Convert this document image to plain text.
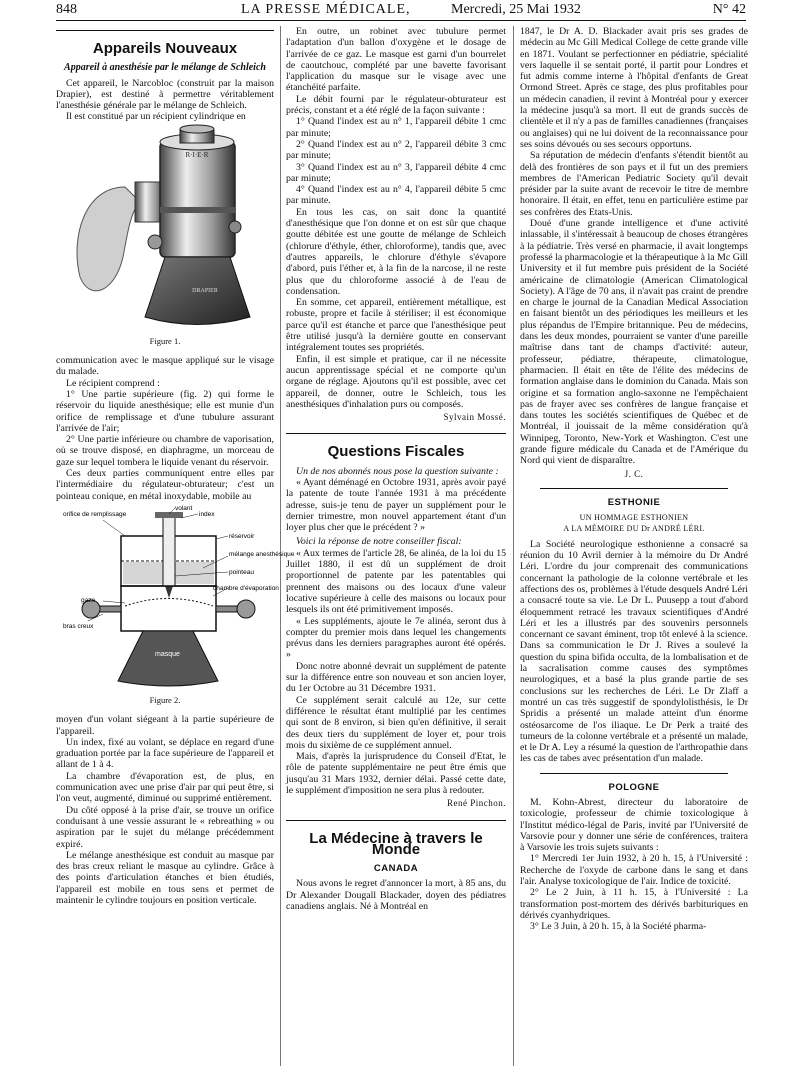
848	LA PRESSE MÉDICALE,	Mercredi, 25 Mai 1932	N° 42
Appareils Nouveaux
Appareil à anesthésie par le mélange de Schleich

Cet appareil, le Narcobloc (construit par la maison Drapier), est destiné à permettre véritablement l'anesthésie générale par le mélange de Schleich.

Il est constitué par un récipient cylindrique en

R·I·E·R
DRAPIER
Figure 1.

communication avec le masque appliqué sur le visage du malade.

Le récipient comprend :

1° Une partie supérieure (fig. 2) qui forme le réservoir du liquide anesthésique; elle est munie d'un orifice de remplissage et d'une tubulure assurant l'arrivée de l'air;

2° Une partie inférieure ou chambre de vaporisation, où se trouve disposé, en diaphragme, un morceau de gaze sur lequel tombera le liquide venant du réservoir.

Ces deux parties communiquent entre elles par l'intermédiaire du régulateur-obturateur; c'est un pointeau conique, en métal inoxydable, mobile au

orifice de remplissage
volant
index
réservoir
mélange anesthésique
pointeau
gaze
chambre d'évaporation
bras creux
masque
Figure 2.

moyen d'un volant siégeant à la partie supérieure de l'appareil.

Un index, fixé au volant, se déplace en regard d'une graduation portée par la face supérieure de l'appareil et allant de 1 à 4.

La chambre d'évaporation est, de plus, en communication avec une prise d'air par qui peut être, si l'on veut, augmenté, diminué ou supprimé entièrement.

Du côté opposé à la prise d'air, se trouve un orifice conduisant à une vessie assurant le « rebreathing » ou aspiration par le sujet du mélange précédemment expiré.

Le mélange anesthésique est conduit au masque par des bras creux reliant le masque au cylindre. Grâce à des points d'articulation étanches et bien étudiés, l'appareil est mobile en tous sens et permet de maintenir le cylindre toujours en position verticale.

En outre, un robinet avec tubulure permet l'adaptation d'un ballon d'oxygène et le dosage de l'arrivée de ce gaz. Le masque est garni d'un bourrelet de caoutchouc, complété par une bavette favorisant l'application du masque sur le visage avec une étanchéité parfaite.

Le débit fourni par le régulateur-obturateur est précis, constant et a été réglé de la façon suivante :

1° Quand l'index est au n° 1, l'appareil débite 1 cmc par minute;

2° Quand l'index est au n° 2, l'appareil débite 3 cmc par minute;

3° Quand l'index est au n° 3, l'appareil débite 4 cmc par minute;

4° Quand l'index est au n° 4, l'appareil débite 5 cmc par minute.

En tous les cas, on sait donc la quantité d'anesthésique que l'on donne et on est sûr que chaque goutte débitée est une goutte de mélange de Schleich (chlorure d'éthyle, éther, chloroforme), tandis que, avec d'autres appareils, le chlorure d'éthyle s'évapore d'abord, puis l'éther et, à la fin de la narcose, il ne reste plus que du chloroforme associé à de l'eau de condensation.

En somme, cet appareil, entièrement métallique, est robuste, propre et facile à stériliser; il est économique parce qu'il est étanche et parce que l'anesthésique peut être utilisé jusqu'à la dernière goutte en conservant intégralement toutes ses propriétés.

Enfin, il est simple et pratique, car il ne nécessite aucun apprentissage spécial et ne comporte qu'un organe de réglage. Ajoutons qu'il est possible, avec cet appareil, de donner, outre le Schleich, tous les anesthésiques d'inhalation purs ou composés.

Sylvain Mossé.
Questions Fiscales

Un de nos abonnés nous pose la question suivante :

« Ayant déménagé en Octobre 1931, après avoir payé la patente de toute l'année 1931 à ma précédente adresse, suis-je tenu de payer un supplément pour le dernier trimestre, mon nouvel appartement étant d'un loyer plus cher que le précédent ? »

Voici la réponse de notre conseiller fiscal:

« Aux termes de l'article 28, 6e alinéa, de la loi du 15 Juillet 1880, il est dû un supplément de droit proportionnel de patente par les patentables qui prennent des maisons ou des locaux d'une valeur locative supérieure à celle des maisons ou locaux pour lesquels ils ont été primitivement imposés.

« Les suppléments, ajoute le 7e alinéa, seront dus à compter du premier mois dans lequel les changements prévus dans les derniers paragraphes auront été opérés. »

Donc notre abonné devrait un supplément de patente sur la différence entre son nouveau et son ancien loyer, du 1er Octobre au 31 Décembre 1931.

Ce supplément serait calculé au 12e, sur cette différence le résultat étant multiplié par les centimes qui sont de 8 environ, si bien qu'en définitive, il serait des deux tiers du supplément de loyer et, pour trois mois du sixième de ce supplément annuel.

Mais, d'après la jurisprudence du Conseil d'Etat, le rôle de patente supplémentaire ne peut être émis que jusqu'au 31 Mars 1932, dernier délai. Passé cette date, le supplément d'imposition ne sera plus à redouter.

René Pinchon.
La Médecine à travers le Monde
CANADA

Nous avons le regret d'annoncer la mort, à 85 ans, du Dr Alexander Dougall Blackader, doyen des pédiatres canadiens anglais. Né à Montréal en

1847, le Dr A. D. Blackader avait pris ses grades de médecin au Mc Gill Medical College de cette grande ville en 1871. Voulant se perfectionner en pédiatrie, spécialité vers laquelle il se sentait porté, il partit pour Londres et fut admis comme interne à l'hôpital d'enfants de Great Ormond Street. Après ce stage, des plus profitables pour un médecin canadien, il revint à Montréal pour y exercer la médecine jusqu'à sa mort. Il eut de grands succès de clientèle et il n'y a pas de familles canadiennes (françaises ou anglaises) qui ne lui doivent de la reconnaissance pour ses soins dévoués ou ses secours opportuns.

Sa réputation de médecin d'enfants s'étendit bientôt au delà des frontières de son pays et il fut un des premiers membres de l'American Pediatric Society qu'il devait présider par la suite avant de recevoir le titre de membre honoraire. Il était, en effet, tenu en particulière estime par ses confrères des Etats-Unis.

Doué d'une grande intelligence et d'une activité inlassable, il s'intéressait à beaucoup de choses étrangères à la pédiatrie. Très versé en pharmacie, il avait longtemps professé la pharmacologie et la thérapeutique à la Mc Gill University et il fut membre puis président de la Société américaine de climatologie (American Climatological Society). A l'âge de 70 ans, il n'avait pas craint de prendre en charge le journal de la Canadian Medical Association en faisant bientôt un des périodiques les meilleurs et les plus répandus de l'Empire britannique. Peu de médecins, dans les deux mondes, pourraient se vanter d'une pareille maîtrise dans tant de champs d'activité: auteur, professeur, pédiatre, thérapeute, climatologue, pharmacien. Il était en tête de l'élite des médecins de formation anglaise dans le dominion du Canada. Mais son origine et sa formation anglo-saxonne ne l'empêchaient pas de frayer avec ses confrères de langue française et dans toutes les sociétés scientifiques de Québec et de Montréal, il jouissait de la même considération qu'à Winnipeg, Toronto, New-York et Washington. C'est une grande figure médicale du Canada et de l'Amérique du Nord qui vient de disparaître.

J. C.
ESTHONIE
UN HOMMAGE ESTHONIEN
A LA MÉMOIRE DU Dr ANDRÉ LÉRI.

La Société neurologique esthonienne a consacré sa réunion du 10 Avril dernier à la mémoire du Dr André Léri. L'ordre du jour comprenait des communications concernant la pathologie de la colonne vertébrale et les affections des os, problèmes à l'étude desquels André Léri a consacré toute sa vie. Le Dr L. Puusepp a tout d'abord éloquemment retracé les travaux scientifiques d'André Léri et les a illustrés par des souvenirs personnels concernant ce savant éminent, trop tôt enlevé à la science. Dans sa communication le Dr J. Rives a soulevé la question du spina bifida occulta, de la lombalisation et de la sacralisation comme causes des symptômes neurologiques, et a basé la plus grande partie de ses conclusions sur les recherches de Léri. Le Dr Zlaff a montré un cas très suggestif de spondylolisthésis, le Dr Spridis a présenté un malade atteint d'un énorme ostéosarcome de l'os iliaque. Le Dr Perk a traité des tumeurs de la colonne vertébrale et a présenté un malade, et le Dr A. Ley a résumé la question de l'arthropathie dans les cas de tabes avec présentation d'un malade.

POLOGNE

M. Kohn-Abrest, directeur du laboratoire de toxicologie, professeur de chimie toxicologique à l'Institut médico-légal de Paris, invité par l'Université de Varsovie pour y donner une série de conférences, traitera à Varsovie les trois sujets suivants :

1° Mercredi 1er Juin 1932, à 20 h. 15, à l'Université : Recherche de l'oxyde de carbone dans le sang et dans l'air. Analyse toxicologique de l'air. Indice de toxicité.

2° Le 2 Juin, à 11 h. 15, à l'Université : La transformation post-mortem des dérivés barbituriques en dérivés cyanhydriques.

3° Le 3 Juin, à 20 h. 15, à la Société pharma-
